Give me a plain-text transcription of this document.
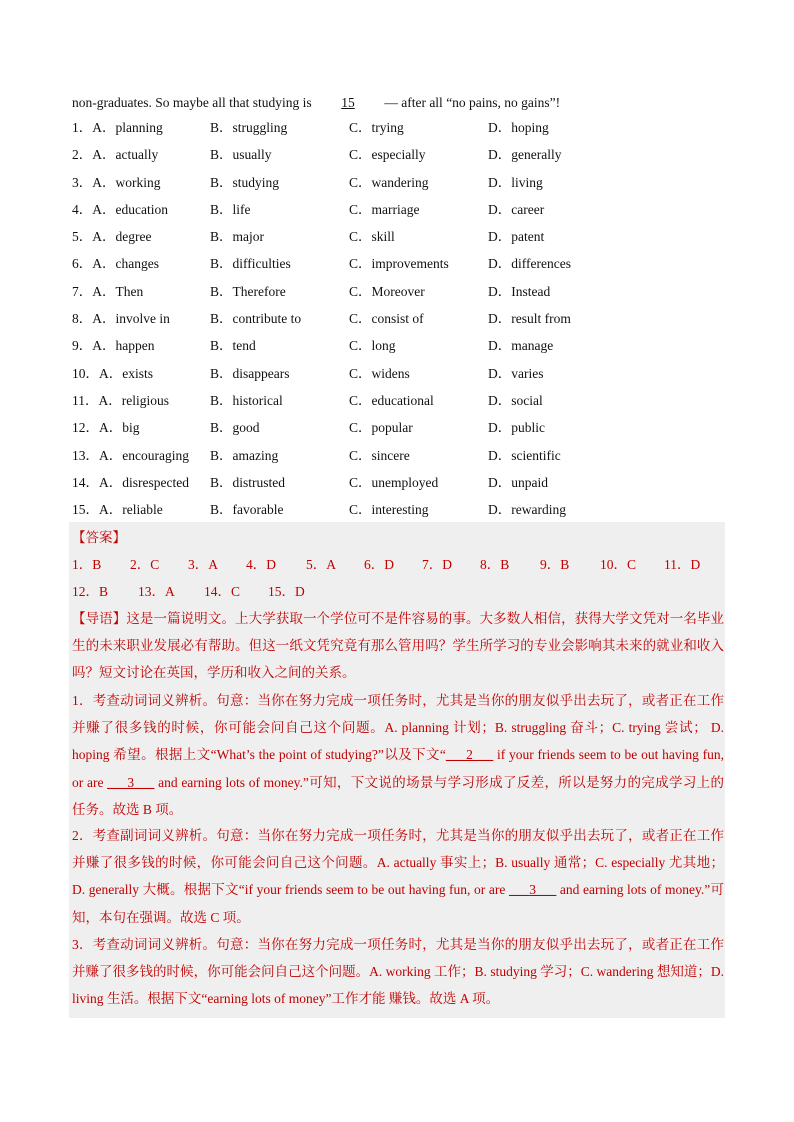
non-graduates. So maybe all that studying is 15 — after all “no pains, no gains”!
1．A．planning	B．struggling	C．trying	D．hoping
2．A．actually	B．usually	C．especially	D．generally
3．A．working	B．studying	C．wandering	D．living
4．A．education	B．life	C．marriage	D．career
5．A．degree	B．major	C．skill	D．patent
6．A．changes	B．difficulties	C．improvements	D．differences
7．A．Then	B．Therefore	C．Moreover	D．Instead
8．A．involve in	B．contribute to	C．consist of	D．result from
9．A．happen	B．tend	C．long	D．manage
10．A．exists	B．disappears	C．widens	D．varies
11．A．religious	B．historical	C．educational	D．social
12．A．big	B．good	C．popular	D．public
13．A．encouraging B．amazing	C．sincere	D．scientific
14．A．disrespected B．distrusted	C．unemployed	D．unpaid
15．A．reliable	B．favorable	C．interesting	D．rewarding
【答案】
1．B 2．C 3．A 4．D 5．A 6．D 7．D 8．B 9．B 10．C 11．D
12．B 13．A 14．C 15．D
【导语】这是一篇说明文。上大学获取一个学位可不是件容易的事。大多数人相信，获得大学文凭对一名毕业生的未来职业发展必有帮助。但这一纸文凭究竟有那么管用吗？学生所学习的专业会影响其未来的就业和收入吗？短文讨论在英国，学历和收入之间的关系。
1．考查动词词义辨析。句意：当你在努力完成一项任务时，尤其是当你的朋友似乎出去玩了，或者正在工作并赚了很多钱的时候，你可能会问自己这个问题。A. planning 计划；B. struggling 奋斗；C. trying 尝试； D. hoping 希望。根据上文“What’s the point of studying?”以及下文“___2___ if your friends seem to be out having fun, or are ___3___ and earning lots of money.”可知，下文说的场景与学习形成了反差，所以是努力的完成学习上的任务。故选 B 项。
2．考查副词词义辨析。句意：当你在努力完成一项任务时，尤其是当你的朋友似乎出去玩了，或者正在工作并赚了很多钱的时候，你可能会问自己这个问题。A. actually 事实上；B. usually 通常；C. especially 尤其地；D. generally 大概。根据下文“if your friends seem to be out having fun, or are ___3___ and earning lots of money.”可知，本句在强调。故选 C 项。
3．考查动词词义辨析。句意：当你在努力完成一项任务时，尤其是当你的朋友似乎出去玩了，或者正在工作并赚了很多钱的时候，你可能会问自己这个问题。A. working 工作；B. studying 学习；C. wandering 想知道；D. living 生活。根据下文“earning lots of money”工作才能 赚钱。故选 A 项。
